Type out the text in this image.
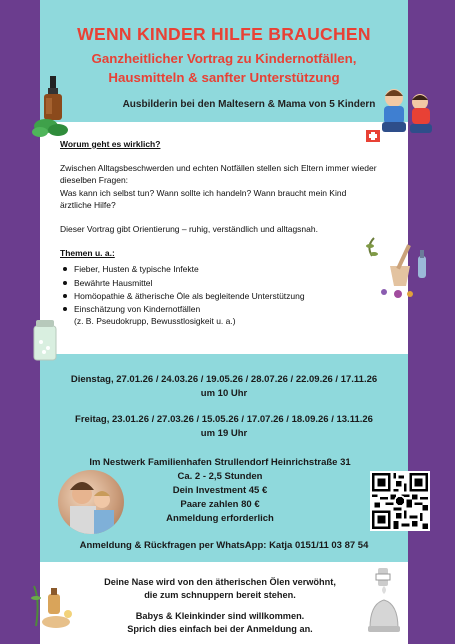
WENN KINDER HILFE BRAUCHEN
Ganzheitlicher Vortrag zu Kindernotfällen,
Hausmitteln & sanfter Unterstützung
Ausbilderin bei den Maltesern & Mama von 5 Kindern

Worum geht es wirklich?

Zwischen Alltagsbeschwerden und echten Notfällen stellen sich Eltern immer wieder dieselben Fragen:

Was kann ich selbst tun? Wann sollte ich handeln? Wann braucht mein Kind ärztliche Hilfe?

Dieser Vortrag gibt Orientierung – ruhig, verständlich und alltagsnah.

Themen u. a.:

Fieber, Husten & typische Infekte
Bewährte Hausmittel
Homöopathie & ätherische Öle als begleitende Unterstützung
Einschätzung von Kindernotfällen
(z. B. Pseudokrupp, Bewusstlosigkeit u. a.)
Dienstag, 27.01.26 / 24.03.26 / 19.05.26 / 28.07.26 / 22.09.26 / 17.11.26
um 10 Uhr
Freitag, 23.01.26 / 27.03.26 / 15.05.26 / 17.07.26 / 18.09.26 / 13.11.26
um 19 Uhr
Im Nestwerk Familienhafen Strullendorf Heinrichstraße 31
Ca. 2 - 2,5 Stunden
Dein Investment 45 €
Paare zahlen 80 €
Anmeldung erforderlich
Anmeldung & Rückfragen per WhatsApp: Katja 0151/11 03 87 54
Deine Nase wird von den ätherischen Ölen verwöhnt,
die zum schnuppern bereit stehen.
Babys & Kleinkinder sind willkommen.
Sprich dies einfach bei der Anmeldung an.
